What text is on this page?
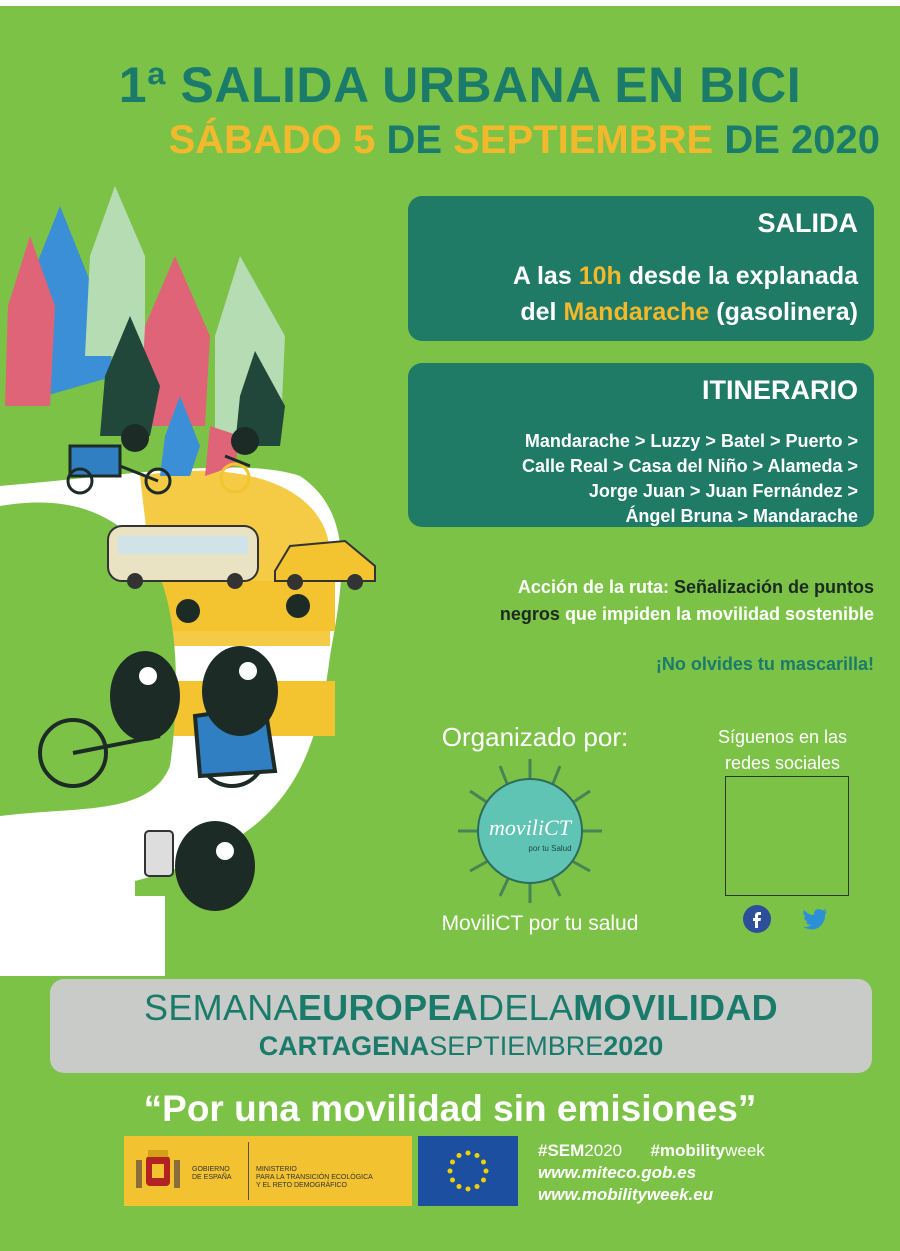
1ª SALIDA URBANA EN BICI
SÁBADO 5 DE SEPTIEMBRE DE 2020
SALIDA
A las 10h desde la explanada
del Mandarache (gasolinera)
ITINERARIO
Mandarache > Luzzy > Batel > Puerto >
Calle Real > Casa del Niño > Alameda >
Jorge Juan > Juan Fernández >
Ángel Bruna > Mandarache
Acción de la ruta: Señalización de puntos
negros que impiden la movilidad sostenible
¡No olvides tu mascarilla!
Organizado por:
moviliCT
por tu Salud
MoviliCT por tu salud
Síguenos en las
redes sociales
SEMANAEUROPEADELAMOVILIDAD
CARTAGENASEPTIEMBRE2020
“Por una movilidad sin emisiones”
GOBIERNO
DE ESPAÑA
MINISTERIO
PARA LA TRANSICIÓN ECOLÓGICA
Y EL RETO DEMOGRÁFICO
#SEM2020 #mobilityweek
www.miteco.gob.es
www.mobilityweek.eu
